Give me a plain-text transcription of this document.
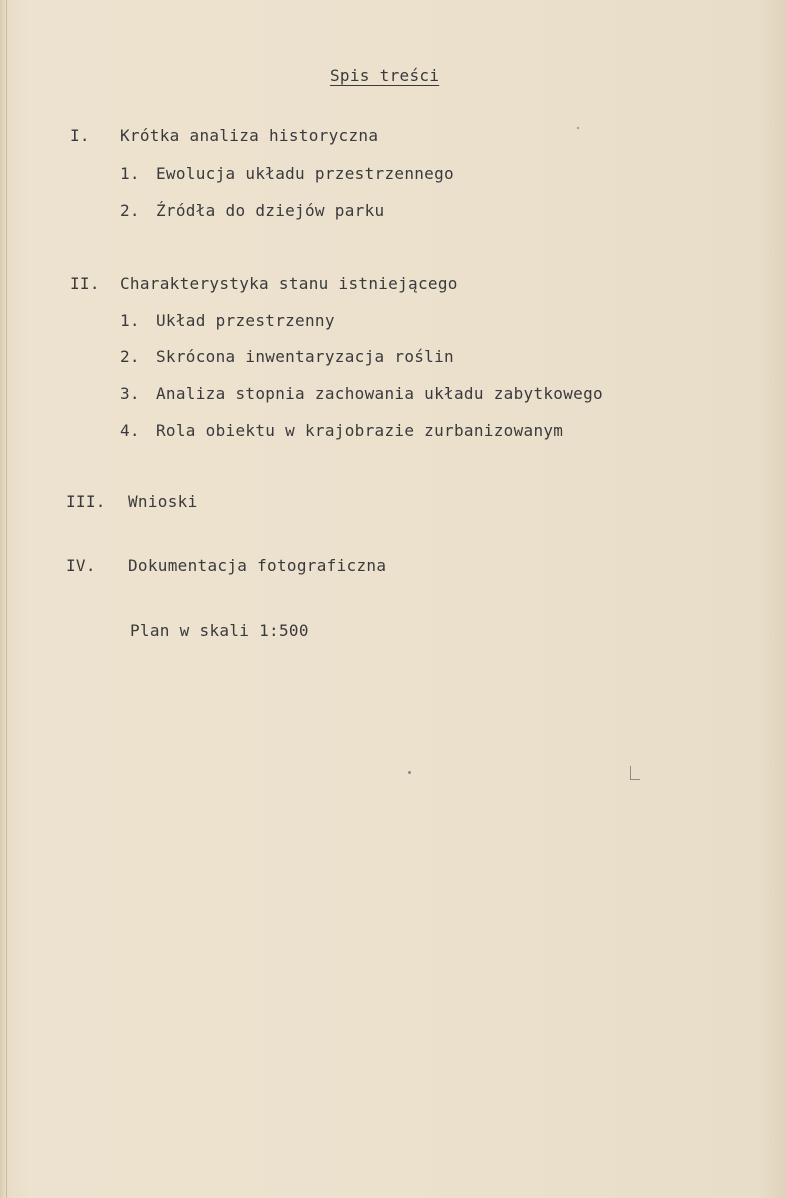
Spis treści
I.	Krótka analiza historyczna
1. Ewolucja układu przestrzennego
2. Źródła do dziejów parku
II.	Charakterystyka stanu istniejącego
1. Układ przestrzenny
2. Skrócona inwentaryzacja roślin
3. Analiza stopnia zachowania układu zabytkowego
4. Rola obiektu w krajobrazie zurbanizowanym
III.	Wnioski
IV.	Dokumentacja fotograficzna
Plan w skali 1:500
